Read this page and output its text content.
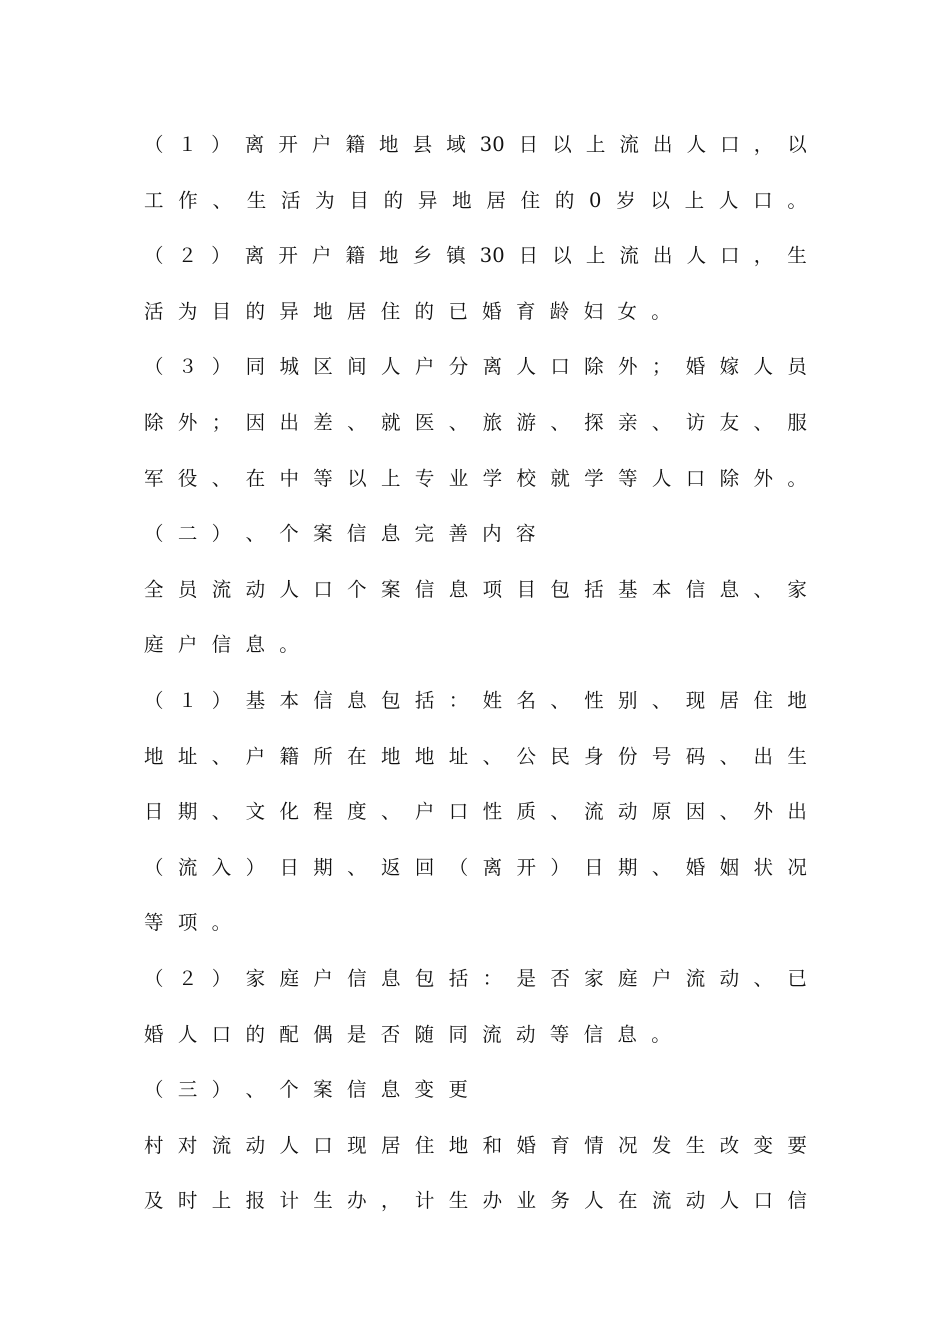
（ １ ） 离 开 户 籍 地 县 域 30 日 以 上 流 出 人 口 ， 以
工 作 、 生 活 为 目 的 异 地 居 住 的 0 岁 以 上 人 口 。
（ ２ ） 离 开 户 籍 地 乡 镇 30 日 以 上 流 出 人 口 ， 生
活 为 目 的 异 地 居 住 的 已 婚 育 龄 妇 女 。
（ ３ ） 同 城 区 间 人 户 分 离 人 口 除 外 ； 婚 嫁 人 员
除 外 ； 因 出 差 、 就 医 、 旅 游 、 探 亲 、 访 友 、 服
军 役 、 在 中 等 以 上 专 业 学 校 就 学 等 人 口 除 外 。
（ 二 ） 、 个 案 信 息 完 善 内 容
全 员 流 动 人 口 个 案 信 息 项 目 包 括 基 本 信 息 、 家
庭 户 信 息 。
（ １ ） 基 本 信 息 包 括 ： 姓 名 、 性 别 、 现 居 住 地
地 址 、 户 籍 所 在 地 地 址 、 公 民 身 份 号 码 、 出 生
日 期 、 文 化 程 度 、 户 口 性 质 、 流 动 原 因 、 外 出
（ 流 入 ） 日 期 、 返 回 （ 离 开 ） 日 期 、 婚 姻 状 况
等 项 。
（ ２ ） 家 庭 户 信 息 包 括 ： 是 否 家 庭 户 流 动 、 已
婚 人 口 的 配 偶 是 否 随 同 流 动 等 信 息 。
（ 三 ） 、 个 案 信 息 变 更
村 对 流 动 人 口 现 居 住 地 和 婚 育 情 况 发 生 改 变 要
及 时 上 报 计 生 办 ， 计 生 办 业 务 人 在 流 动 人 口 信
